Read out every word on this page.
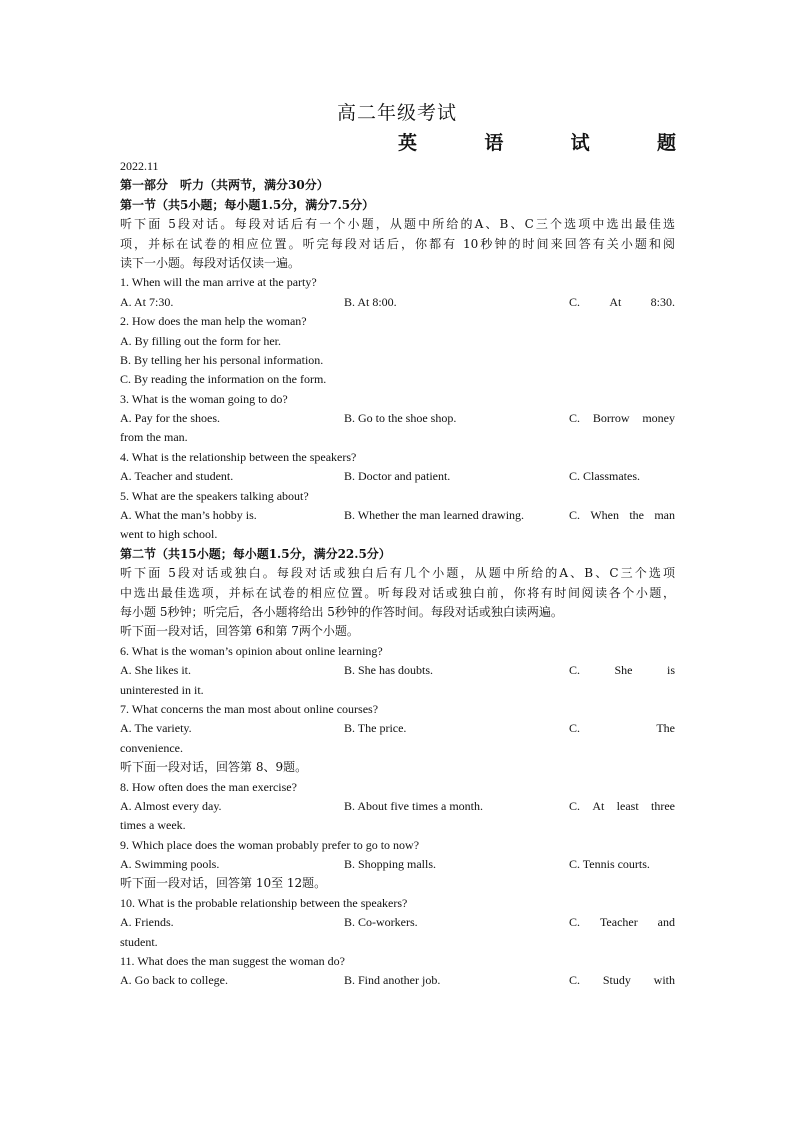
高二年级考试
英	语	试	题
2022.11
第一部分　听力（共两节，满分30分）
第一节（共5小题；每小题1.5分，满分7.5分）
听下面 5段对话。每段对话后有一个小题，从题中所给的A、B、C三个选项中选出最佳选
项，并标在试卷的相应位置。听完每段对话后，你都有 10秒钟的时间来回答有关小题和阅
读下一小题。每段对话仅读一遍。
1. When will the man arrive at the party?
A. At 7:30.	B. At 8:00.	C. At 8:30.
2. How does the man help the woman?
A. By filling out the form for her.
B. By telling her his personal information.
C. By reading the information on the form.
3. What is the woman going to do?
A. Pay for the shoes.	B. Go to the shoe shop.	C. Borrow money
from the man.
4. What is the relationship between the speakers?
A. Teacher and student.	B. Doctor and patient.	C. Classmates.
5. What are the speakers talking about?
A. What the man’s hobby is.	B. Whether the man learned drawing.	C. When the man
went to high school.
第二节（共15小题；每小题1.5分，满分22.5分）
听下面 5段对话或独白。每段对话或独白后有几个小题，从题中所给的A、B、C三个选项
中选出最佳选项，并标在试卷的相应位置。听每段对话或独白前，你将有时间阅读各个小题，
每小题 5秒钟；听完后，各小题将给出 5秒钟的作答时间。每段对话或独白读两遍。
听下面一段对话，回答第 6和第 7两个小题。
6. What is the woman’s opinion about online learning?
A. She likes it.	B. She has doubts.	C.	She	is
uninterested in it.
7. What concerns the man most about online courses?
A. The variety.	B. The price.	C.	The
convenience.
听下面一段对话，回答第 8、9题。
8. How often does the man exercise?
A. Almost every day.	B. About five times a month.	C. At least three
times a week.
9. Which place does the woman probably prefer to go to now?
A. Swimming pools.	B. Shopping malls.	C. Tennis courts.
听下面一段对话，回答第 10至 12题。
10. What is the probable relationship between the speakers?
A. Friends.	B. Co-workers.	C. Teacher and
student.
11. What does the man suggest the woman do?
A. Go back to college.	B. Find another job.	C. Study with
